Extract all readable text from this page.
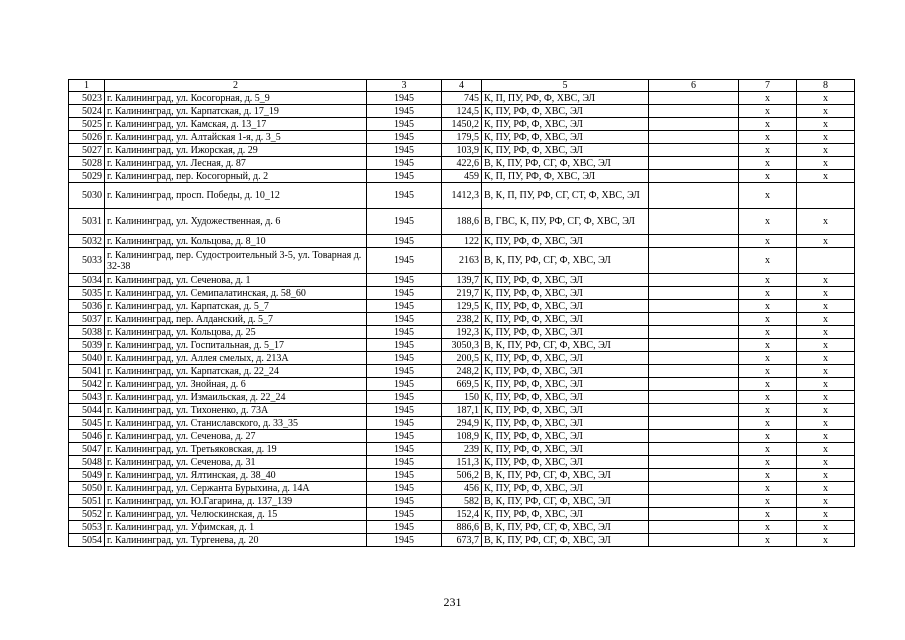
1	2	3	4	5	6	7	8
5023	г. Калининград, ул. Косогорная, д. 5_9	1945	745	К, П, ПУ, РФ, Ф, ХВС, ЭЛ		x	x
5024	г. Калининград, ул. Карпатская, д. 17_19	1945	124,5	К, ПУ, РФ, Ф, ХВС, ЭЛ		x	x
5025	г. Калининград, ул. Камская, д. 13_17	1945	1450,2	К, ПУ, РФ, Ф, ХВС, ЭЛ		x	x
5026	г. Калининград, ул. Алтайская 1-я, д. 3_5	1945	179,5	К, ПУ, РФ, Ф, ХВС, ЭЛ		x	x
5027	г. Калининград, ул. Ижорская, д. 29	1945	103,9	К, ПУ, РФ, Ф, ХВС, ЭЛ		x	x
5028	г. Калининград, ул. Лесная, д. 87	1945	422,6	В, К, ПУ, РФ, СГ, Ф, ХВС, ЭЛ		x	x
5029	г. Калининград, пер. Косогорный, д. 2	1945	459	К, П, ПУ, РФ, Ф, ХВС, ЭЛ		x	x
5030	г. Калининград, просп. Победы, д. 10_12	1945	1412,3	В, К, П, ПУ, РФ, СГ, СТ, Ф, ХВС, ЭЛ		x	
5031	г. Калининград, ул. Художественная, д. 6	1945	188,6	В, ГВС, К, ПУ, РФ, СГ, Ф, ХВС, ЭЛ		x	x
5032	г. Калининград, ул. Кольцова, д. 8_10	1945	122	К, ПУ, РФ, Ф, ХВС, ЭЛ		x	x
5033	г. Калининград, пер. Судостроительный 3-5, ул. Товарная д. 32-38	1945	2163	В, К, ПУ, РФ, СГ, Ф, ХВС, ЭЛ		x	
5034	г. Калининград, ул. Сеченова, д. 1	1945	139,7	К, ПУ, РФ, Ф, ХВС, ЭЛ		x	x
5035	г. Калининград, ул. Семипалатинская, д. 58_60	1945	219,7	К, ПУ, РФ, Ф, ХВС, ЭЛ		x	x
5036	г. Калининград, ул. Карпатская, д. 5_7	1945	129,5	К, ПУ, РФ, Ф, ХВС, ЭЛ		x	x
5037	г. Калининград, пер. Алданский, д. 5_7	1945	238,2	К, ПУ, РФ, Ф, ХВС, ЭЛ		x	x
5038	г. Калининград, ул. Кольцова, д. 25	1945	192,3	К, ПУ, РФ, Ф, ХВС, ЭЛ		x	x
5039	г. Калининград, ул. Госпитальная, д. 5_17	1945	3050,3	В, К, ПУ, РФ, СГ, Ф, ХВС, ЭЛ		x	x
5040	г. Калининград, ул. Аллея смелых, д. 213А	1945	200,5	К, ПУ, РФ, Ф, ХВС, ЭЛ		x	x
5041	г. Калининград, ул. Карпатская, д. 22_24	1945	248,2	К, ПУ, РФ, Ф, ХВС, ЭЛ		x	x
5042	г. Калининград, ул. Знойная, д. 6	1945	669,5	К, ПУ, РФ, Ф, ХВС, ЭЛ		x	x
5043	г. Калининград, ул. Измаильская, д. 22_24	1945	150	К, ПУ, РФ, Ф, ХВС, ЭЛ		x	x
5044	г. Калининград, ул. Тихоненко, д. 73А	1945	187,1	К, ПУ, РФ, Ф, ХВС, ЭЛ		x	x
5045	г. Калининград, ул. Станиславского, д. 33_35	1945	294,9	К, ПУ, РФ, Ф, ХВС, ЭЛ		x	x
5046	г. Калининград, ул. Сеченова, д. 27	1945	108,9	К, ПУ, РФ, Ф, ХВС, ЭЛ		x	x
5047	г. Калининград, ул. Третьяковская, д. 19	1945	239	К, ПУ, РФ, Ф, ХВС, ЭЛ		x	x
5048	г. Калининград, ул. Сеченова, д. 31	1945	151,3	К, ПУ, РФ, Ф, ХВС, ЭЛ		x	x
5049	г. Калининград, ул. Ялтинская, д. 38_40	1945	506,2	В, К, ПУ, РФ, СГ, Ф, ХВС, ЭЛ		x	x
5050	г. Калининград, ул. Сержанта Бурыхина, д. 14А	1945	456	К, ПУ, РФ, Ф, ХВС, ЭЛ		x	x
5051	г. Калининград, ул. Ю.Гагарина, д. 137_139	1945	582	В, К, ПУ, РФ, СГ, Ф, ХВС, ЭЛ		x	x
5052	г. Калининград, ул. Челюскинская, д. 15	1945	152,4	К, ПУ, РФ, Ф, ХВС, ЭЛ		x	x
5053	г. Калининград, ул. Уфимская, д. 1	1945	886,6	В, К, ПУ, РФ, СГ, Ф, ХВС, ЭЛ		x	x
5054	г. Калининград, ул. Тургенева, д. 20	1945	673,7	В, К, ПУ, РФ, СГ, Ф, ХВС, ЭЛ		x	x
231
